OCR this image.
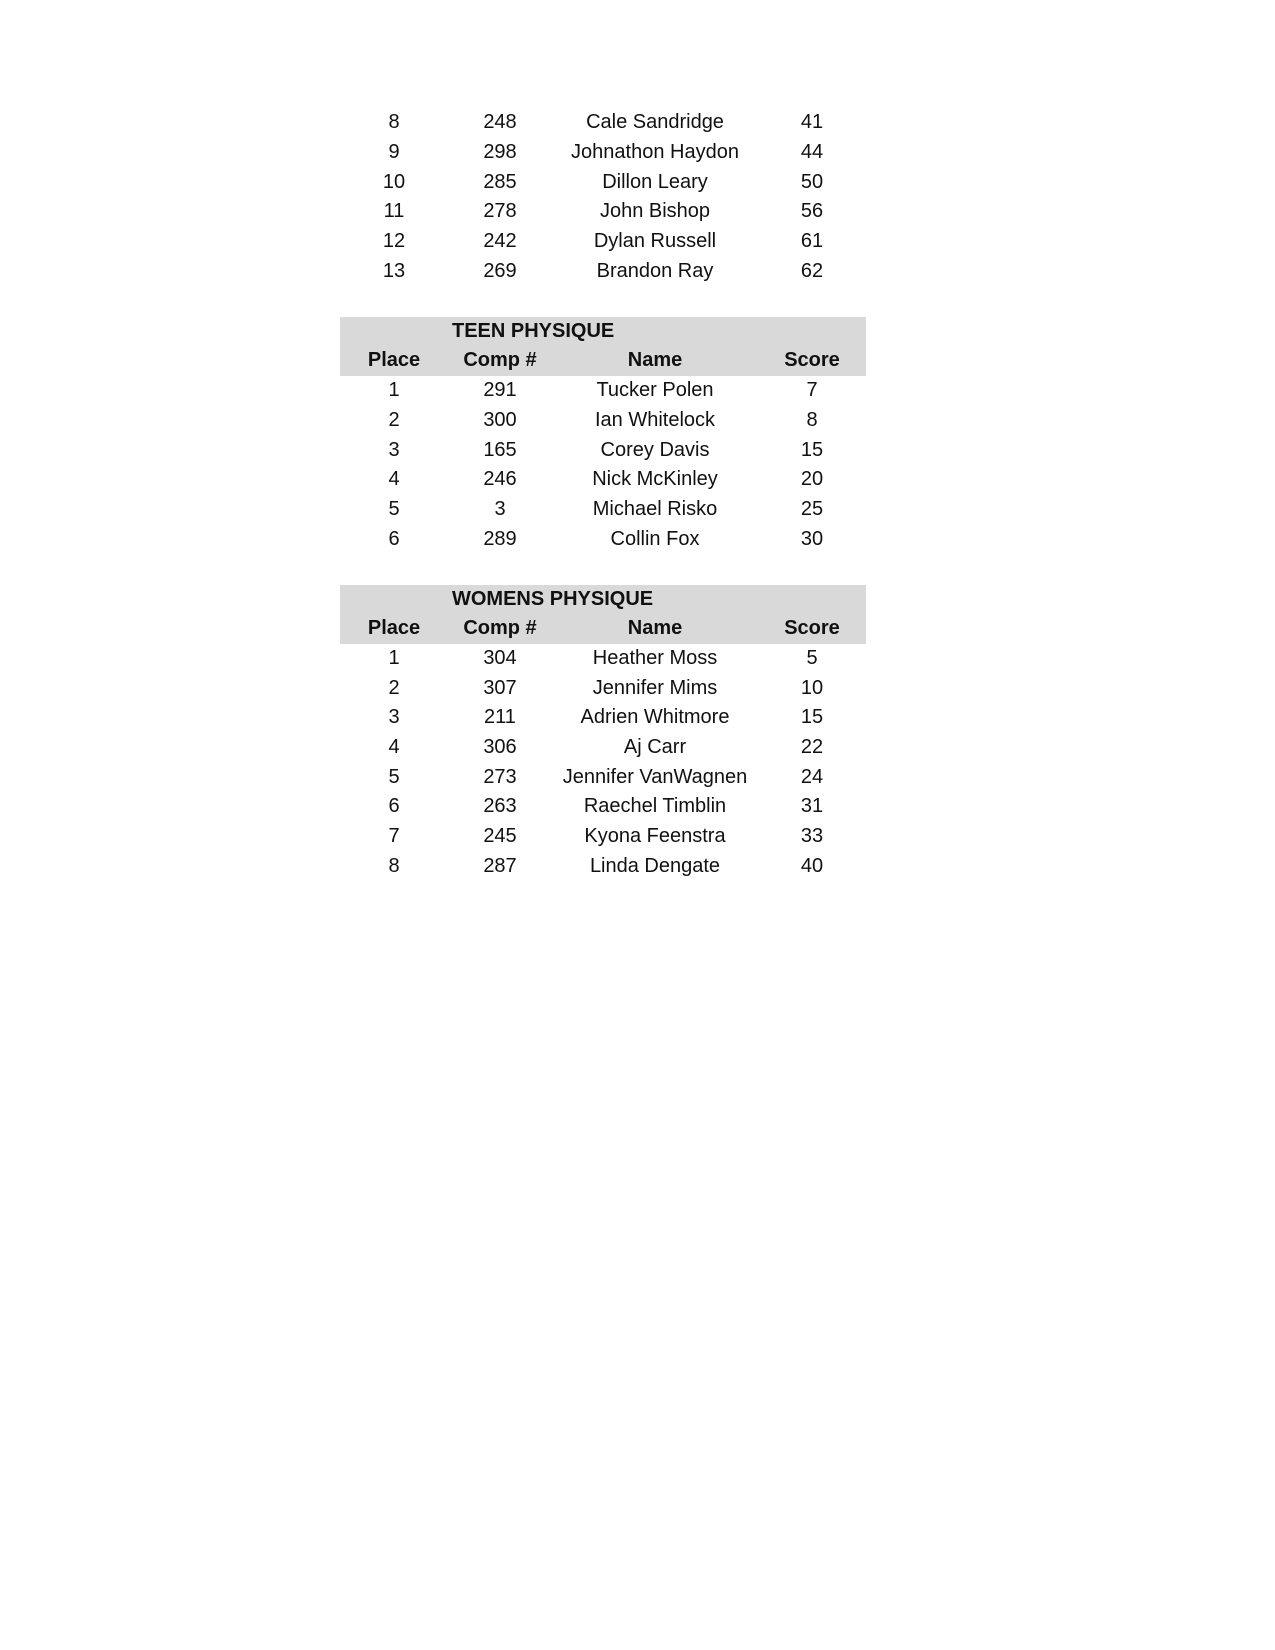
8	248	Cale Sandridge	41
9	298	Johnathon Haydon	44
10	285	Dillon Leary	50
11	278	John Bishop	56
12	242	Dylan Russell	61
13	269	Brandon Ray	62
TEEN PHYSIQUE
Place	Comp #	Name	Score
1	291	Tucker Polen	7
2	300	Ian Whitelock	8
3	165	Corey Davis	15
4	246	Nick McKinley	20
5	3	Michael Risko	25
6	289	Collin Fox	30
WOMENS PHYSIQUE
Place	Comp #	Name	Score
1	304	Heather Moss	5
2	307	Jennifer Mims	10
3	211	Adrien Whitmore	15
4	306	Aj Carr	22
5	273	Jennifer VanWagnen	24
6	263	Raechel Timblin	31
7	245	Kyona Feenstra	33
8	287	Linda Dengate	40
